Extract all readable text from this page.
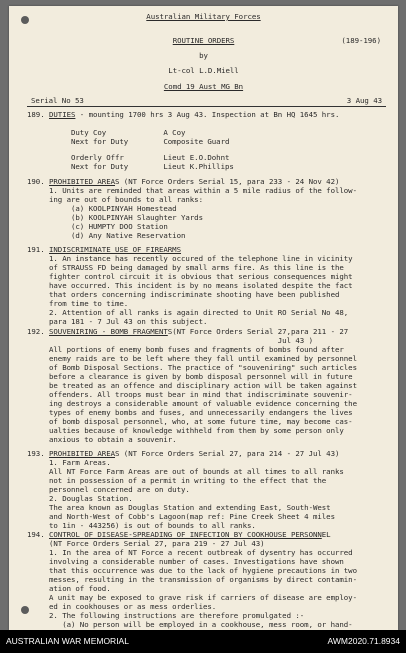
Australian Military Forces
ROUTINE ORDERS	(189-196)
by
Lt-col L.D.Miell
Comd 19 Aust MG Bn
Serial No 53	3 Aug 43
189. DUTIES - mounting 1700 hrs 3 Aug 43. Inspection at Bn HQ 1645 hrs.
Duty Coy             A Coy
Next for Duty        Composite Guard
Orderly Offr         Lieut E.O.Dohnt
Next for Duty        Lieut K.Phillips
190. PROHIBITED AREAS (NT Force Orders Serial 15, para 233 - 24 Nov 42)
1. Units are reminded that areas within a 5 mile radius of the follow-
ing are out of bounds to all ranks:
(a) KOOLPINYAH Homestead
(b) KOOLPINYAH Slaughter Yards
(c) HUMPTY DOO Station
(d) Any Native Reservation
191. INDISCRIMINATE USE OF FIREARMS
1. An instance has recently occured of the telephone line in vicinity
of STRAUSS FD being damaged by small arms fire. As this line is the
fighter control circuit it is obvious that serious consequences might
have occurred. This incident is by no means isolated despite the fact
that orders concerning indiscriminate shooting have been published
from time to time.
2. Attention of all ranks is again directed to Unit RO Serial No 48,
para 181 - 7 Jul 43 on this subject.
192. SOUVENIRING - BOMB FRAGMENTS(NT Force Orders Serial 27,para 211 - 27
Jul 43 )
All portions of enemy bomb fuses and fragments of bombs found after
enemy raids are to be left where they fall until examined by personnel
of Bomb Disposal Sections. The practice of "souveniring" such articles
before a clearance is given by bomb disposal personnel will in future
be treated as an offence and disciplinary action will be taken against
offenders. All troops must bear in mind that indiscriminate souvenir-
ing destroys a considerable amount of valuable evidence concerning the
types of enemy bombs and fuses, and unnecessarily endangers the lives
of bomb disposal personnel, who, at some future time, may become cas-
ualties because of knowledge withheld from them by some person only
anxious to obtain a souvenir.
193. PROHIBITED AREAS (NT Force Orders Serial 27, para 214 - 27 Jul 43)
1. Farm Areas.
All NT Force Farm Areas are out of bounds at all times to all ranks
not in possession of a permit in writing to the effect that the
personnel concerned are on duty.
2. Douglas Station.
The area known as Douglas Station and extending East, South-West
and North-West of Cobb's Lagoon(map ref: Pine Creek Sheet 4 miles
to 1in - 443256) is out of bounds to all ranks.
194. CONTROL OF DISEASE-SPREADING OF INFECTION BY COOKHOUSE PERSONNEL
(NT Force Orders Serial 27, para 219 - 27 Jul 43)
1. In the area of NT Force a recent outbreak of dysentry has occurred
involving a considerable number of cases. Investigations have shown
that this occurrence was due to the lack of hygiene precautions in two
messes, resulting in the transmission of organisms by direct contamin-
ation of food.
A unit may be exposed to grave risk if carriers of disease are employ-
ed in cookhouses or as mess orderlies.
2. The following instructions are therefore promulgated :-
(a) No person will be employed in a cookhouse, mess room, or hand-
AUSTRALIAN WAR MEMORIAL	AWM2020.71.8934
